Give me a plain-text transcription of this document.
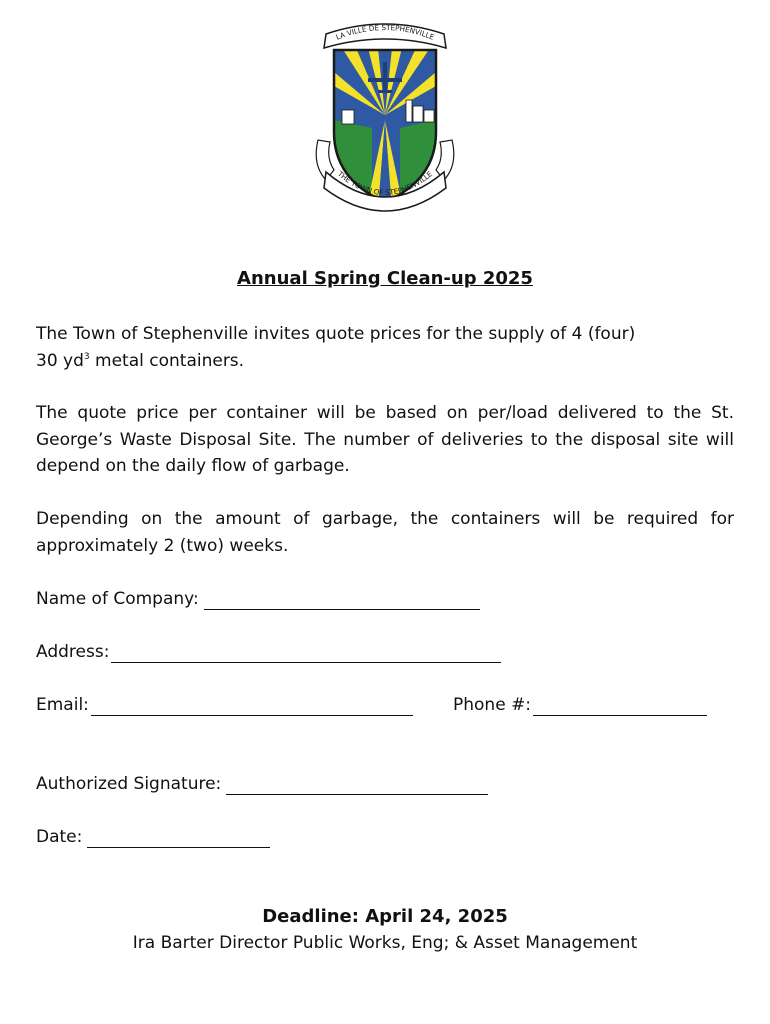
LA VILLE DE STEPHENVILLE
THE TOWN OF STEPHENVILLE
Annual Spring Clean-up 2025

The Town of Stephenville invites quote prices for the supply of 4 (four)
30 $yd^3$ metal containers.

The quote price per container will be based on per/load delivered to the St. George’s Waste Disposal Site. The number of deliveries to the disposal site will depend on the daily flow of garbage.

Depending on the amount of garbage, the containers will be required for approximately 2 (two) weeks.

Name of Company:
Address:
Email:	Phone #:
Authorized Signature:
Date:
Deadline: April 24, 2025
Ira Barter Director Public Works, Eng; & Asset Management
